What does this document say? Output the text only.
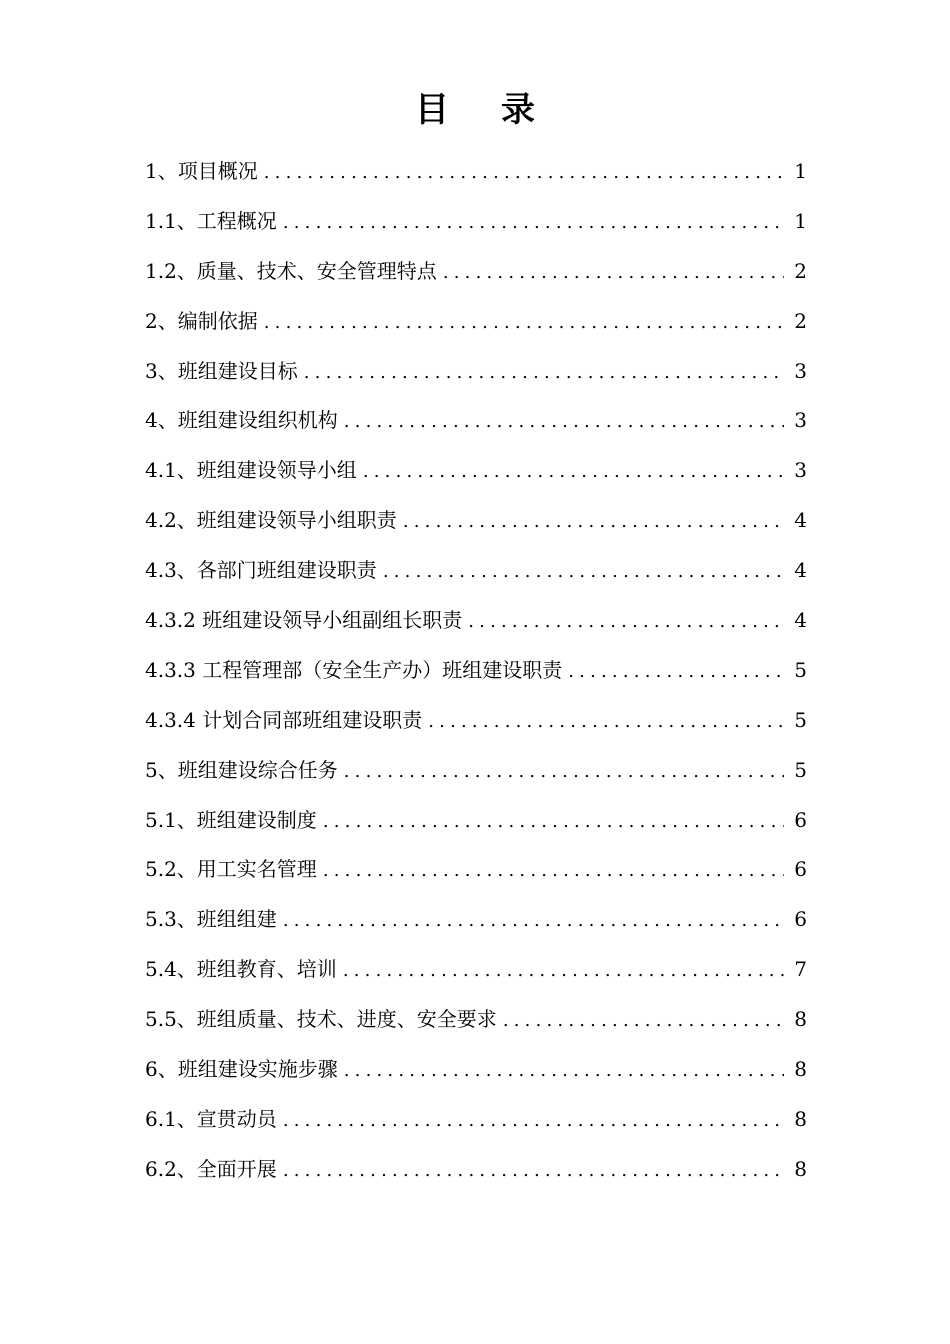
目录
1、项目概况 .....	1
1.1、工程概况 .....	1
1.2、质量、技术、安全管理特点 .....	2
2、编制依据 .....	2
3、班组建设目标 .....	3
4、班组建设组织机构 .....	3
4.1、班组建设领导小组 .....	3
4.2、班组建设领导小组职责 .....	4
4.3、各部门班组建设职责 .....	4
4.3.2 班组建设领导小组副组长职责 .....	4
4.3.3 工程管理部（安全生产办）班组建设职责 .....	5
4.3.4 计划合同部班组建设职责 .....	5
5、班组建设综合任务 .....	5
5.1、班组建设制度 .....	6
5.2、用工实名管理 .....	6
5.3、班组组建 .....	6
5.4、班组教育、培训 .....	7
5.5、班组质量、技术、进度、安全要求 .....	8
6、班组建设实施步骤 .....	8
6.1、宣贯动员 .....	8
6.2、全面开展 .....	8
